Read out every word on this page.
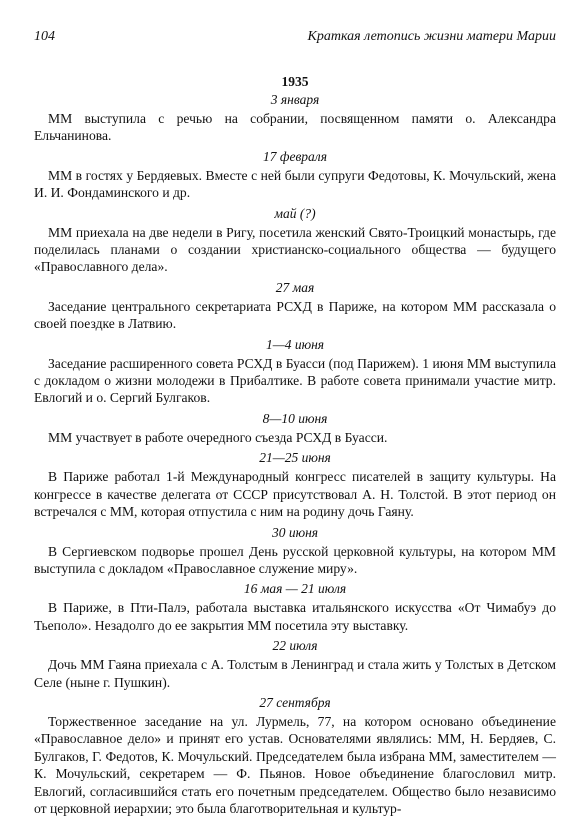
104	Краткая летопись жизни матери Марии
1935
3 января

ММ выступила с речью на собрании, посвященном памяти о. Александра Ельчанинова.

17 февраля

ММ в гостях у Бердяевых. Вместе с ней были супруги Федотовы, К. Мочульский, жена И. И. Фондаминского и др.

май (?)

ММ приехала на две недели в Ригу, посетила женский Свято-Троицкий монастырь, где поделилась планами о создании христианско-социального общества — будущего «Православного дела».

27 мая

Заседание центрального секретариата РСХД в Париже, на котором ММ рассказала о своей поездке в Латвию.

1—4 июня

Заседание расширенного совета РСХД в Буасси (под Парижем). 1 июня ММ выступила с докладом о жизни молодежи в Прибалтике. В работе совета принимали участие митр. Евлогий и о. Сергий Булгаков.

8—10 июня

ММ участвует в работе очередного съезда РСХД в Буасси.

21—25 июня

В Париже работал 1-й Международный конгресс писателей в защиту культуры. На конгрессе в качестве делегата от СССР присутствовал А. Н. Толстой. В этот период он встречался с ММ, которая отпустила с ним на родину дочь Гаяну.

30 июня

В Сергиевском подворье прошел День русской церковной культуры, на котором ММ выступила с докладом «Православное служение миру».

16 мая — 21 июля

В Париже, в Пти-Палэ, работала выставка итальянского искусства «От Чимабуэ до Тьеполо». Незадолго до ее закрытия ММ посетила эту выставку.

22 июля

Дочь ММ Гаяна приехала с А. Толстым в Ленинград и стала жить у Толстых в Детском Селе (ныне г. Пушкин).

27 сентября

Торжественное заседание на ул. Лурмель, 77, на котором основано объединение «Православное дело» и принят его устав. Основателями являлись: ММ, Н. Бердяев, С. Булгаков, Г. Федотов, К. Мочульский. Председателем была избрана ММ, заместителем — К. Мочульский, секретарем — Ф. Пьянов. Новое объединение благословил митр. Евлогий, согласившийся стать его почетным председателем. Общество было независимо от церковной иерархии; это была благотворительная и культур-
